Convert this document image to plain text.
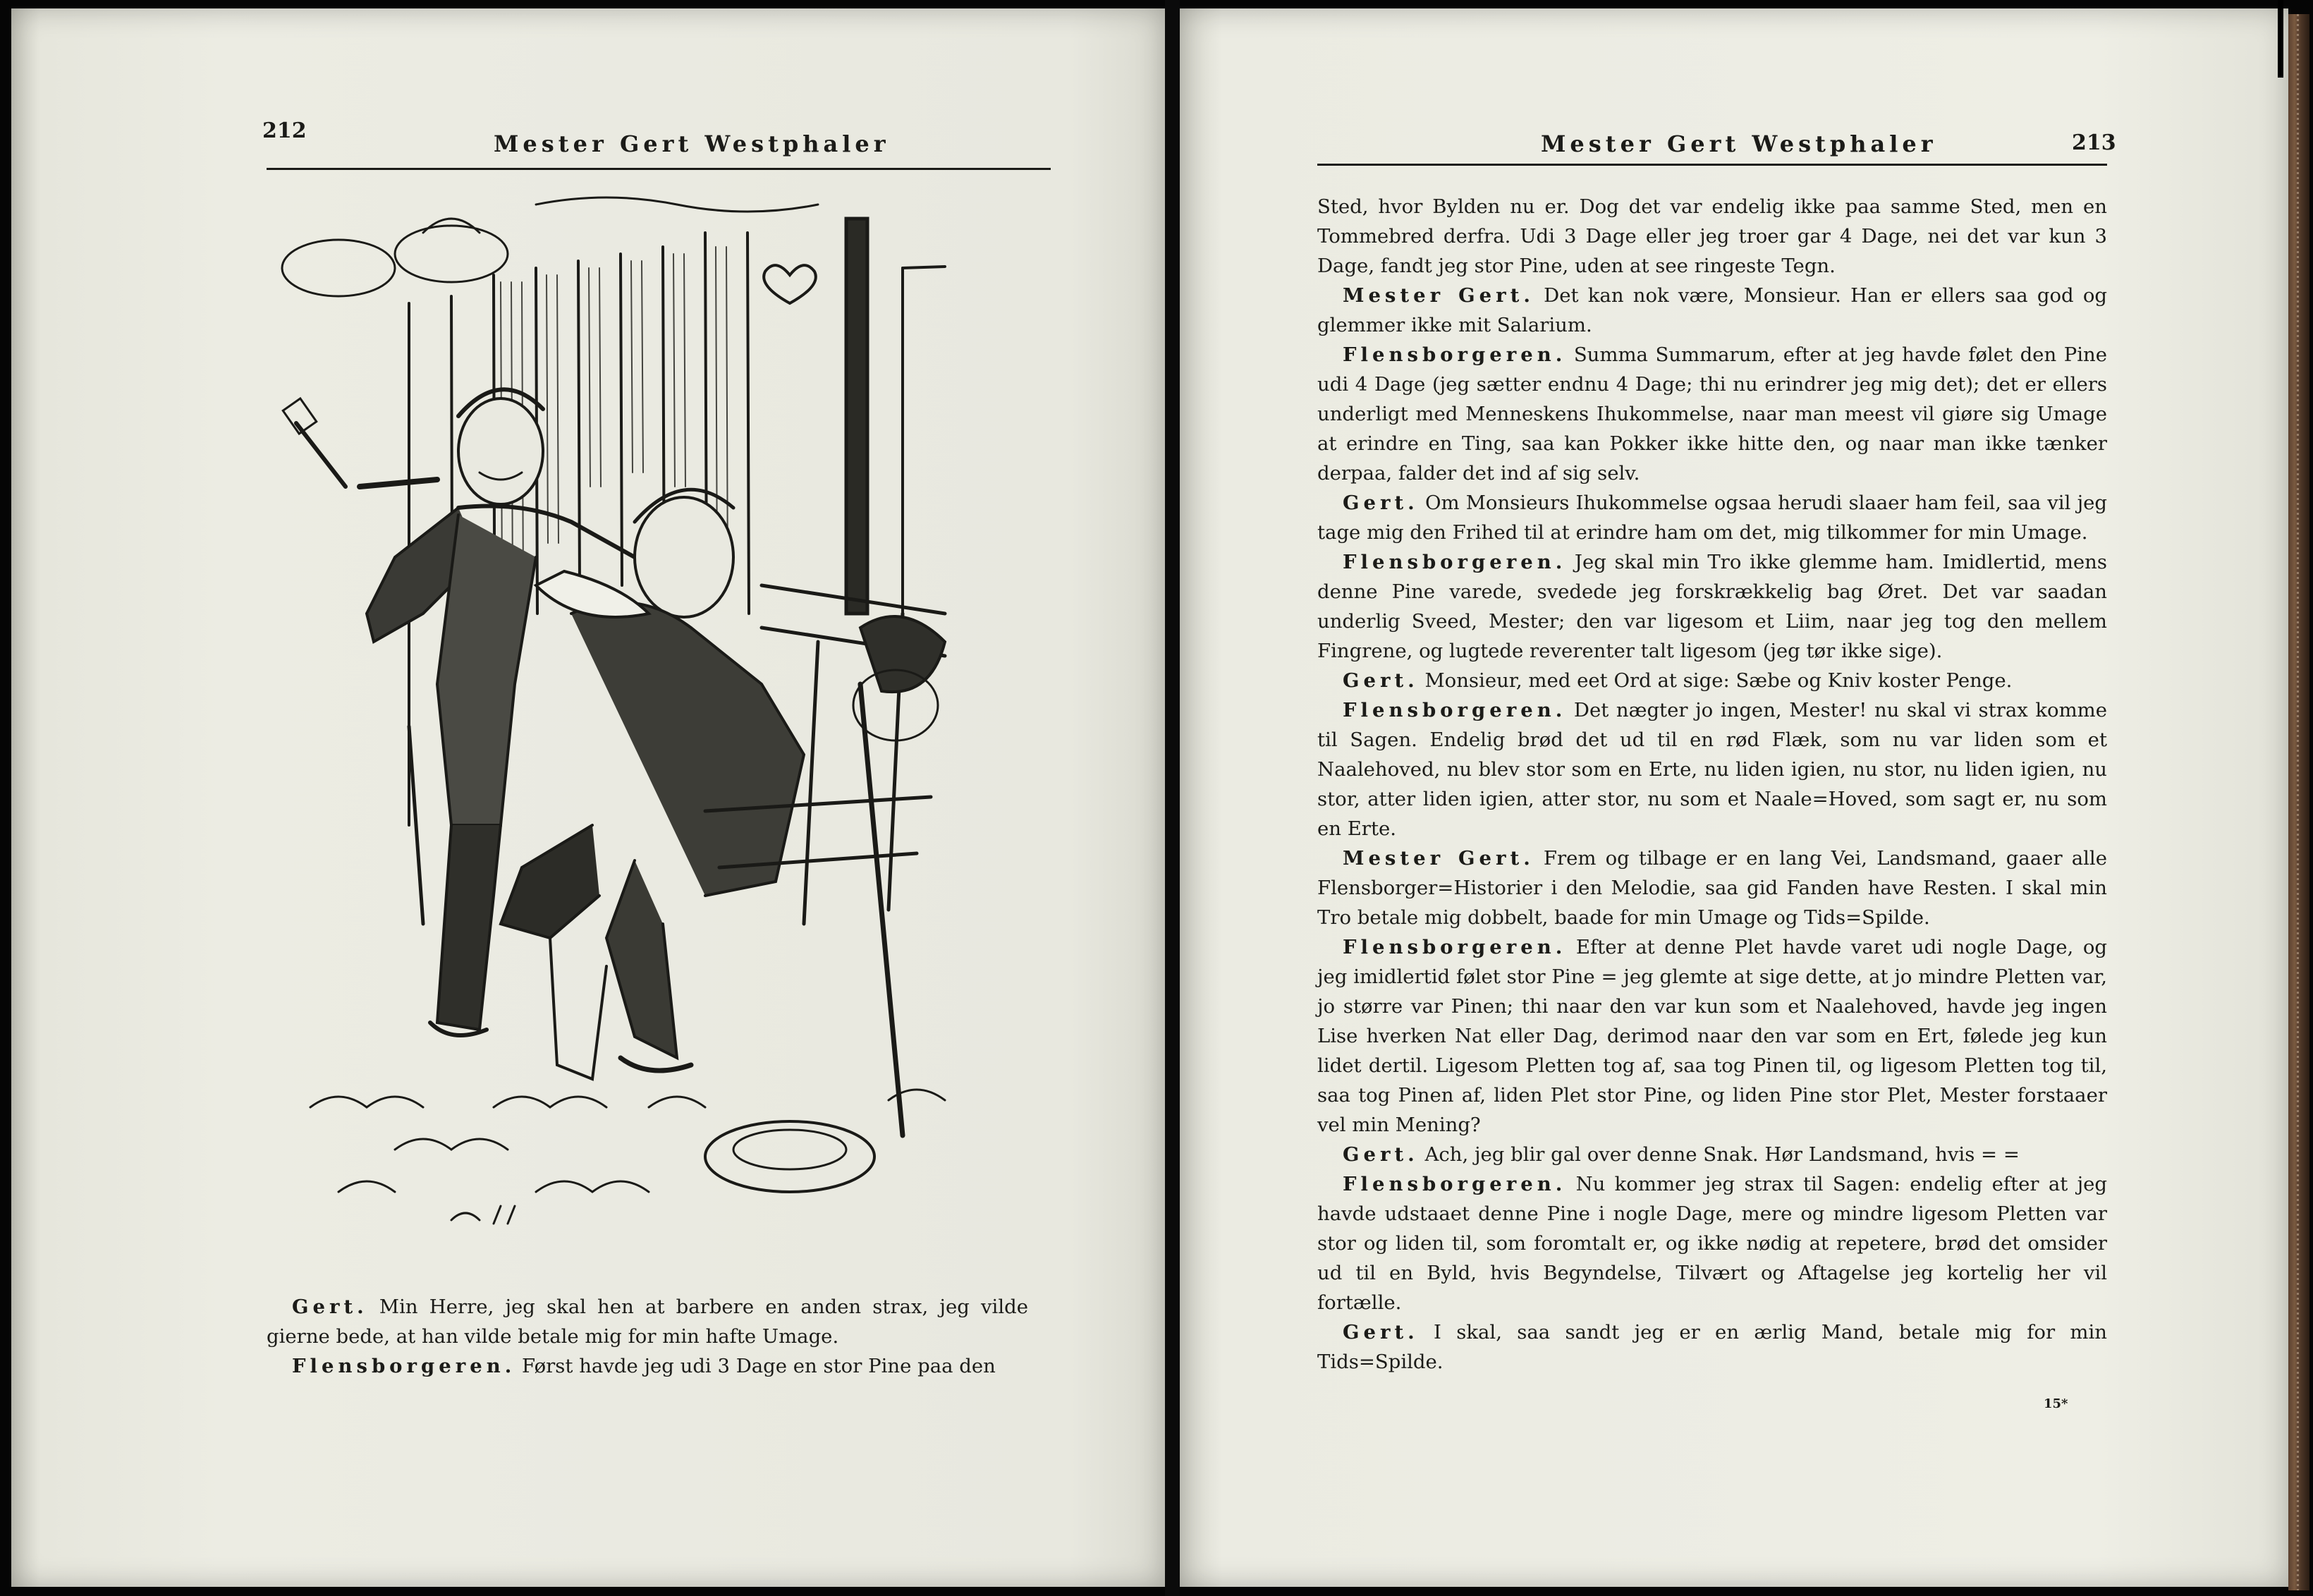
212	Mester Gert Westphaler

Gert. Min Herre, jeg skal hen at barbere en anden strax, jeg vilde gierne bede, at han vilde betale mig for min hafte Umage.

Flensborgeren. Først havde jeg udi 3 Dage en stor Pine paa den

Mester Gert Westphaler	213

Sted, hvor Bylden nu er. Dog det var endelig ikke paa samme Sted, men en Tommebred derfra. Udi 3 Dage eller jeg troer gar 4 Dage, nei det var kun 3 Dage, fandt jeg stor Pine, uden at see ringeste Tegn.

Mester Gert. Det kan nok være, Monsieur. Han er ellers saa god og glemmer ikke mit Salarium.

Flensborgeren. Summa Summarum, efter at jeg havde følet den Pine udi 4 Dage (jeg sætter endnu 4 Dage; thi nu erindrer jeg mig det); det er ellers underligt med Menneskens Ihukommelse, naar man meest vil giøre sig Umage at erindre en Ting, saa kan Pokker ikke hitte den, og naar man ikke tænker derpaa, falder det ind af sig selv.

Gert. Om Monsieurs Ihukommelse ogsaa herudi slaaer ham feil, saa vil jeg tage mig den Frihed til at erindre ham om det, mig tilkommer for min Umage.

Flensborgeren. Jeg skal min Tro ikke glemme ham. Imidlertid, mens denne Pine varede, svedede jeg forskrækkelig bag Øret. Det var saadan underlig Sveed, Mester; den var ligesom et Liim, naar jeg tog den mellem Fingrene, og lugtede reverenter talt ligesom (jeg tør ikke sige).

Gert. Monsieur, med eet Ord at sige: Sæbe og Kniv koster Penge.

Flensborgeren. Det nægter jo ingen, Mester! nu skal vi strax komme til Sagen. Endelig brød det ud til en rød Flæk, som nu var liden som et Naalehoved, nu blev stor som en Erte, nu liden igien, nu stor, nu liden igien, nu stor, atter liden igien, atter stor, nu som et Naale=Hoved, som sagt er, nu som en Erte.

Mester Gert. Frem og tilbage er en lang Vei, Landsmand, gaaer alle Flensborger=Historier i den Melodie, saa gid Fanden have Resten. I skal min Tro betale mig dobbelt, baade for min Umage og Tids=Spilde.

Flensborgeren. Efter at denne Plet havde varet udi nogle Dage, og jeg imidlertid følet stor Pine = jeg glemte at sige dette, at jo mindre Pletten var, jo større var Pinen; thi naar den var kun som et Naalehoved, havde jeg ingen Lise hverken Nat eller Dag, derimod naar den var som en Ert, følede jeg kun lidet dertil. Ligesom Pletten tog af, saa tog Pinen til, og ligesom Pletten tog til, saa tog Pinen af, liden Plet stor Pine, og liden Pine stor Plet, Mester forstaaer vel min Mening?

Gert. Ach, jeg blir gal over denne Snak. Hør Landsmand, hvis = =

Flensborgeren. Nu kommer jeg strax til Sagen: endelig efter at jeg havde udstaaet denne Pine i nogle Dage, mere og mindre ligesom Pletten var stor og liden til, som foromtalt er, og ikke nødig at repetere, brød det omsider ud til en Byld, hvis Begyndelse, Tilvært og Aftagelse jeg kortelig her vil fortælle.

Gert. I skal, saa sandt jeg er en ærlig Mand, betale mig for min Tids=Spilde.

15*
